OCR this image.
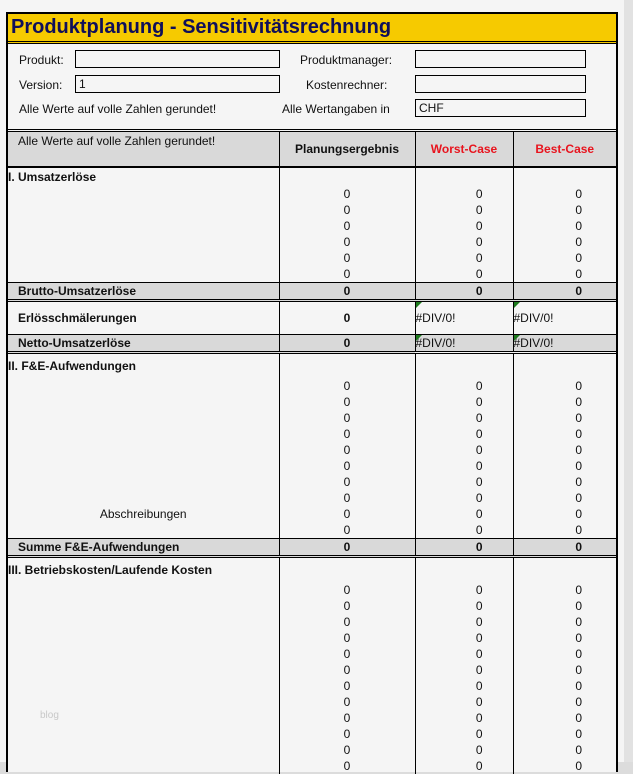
Produktplanung - Sensitivitätsrechnung
Produkt:
Version:	1
Alle Werte auf volle Zahlen gerundet!
Produktmanager:
Kostenrechner:
Alle Wertangaben in	CHF
Alle Werte auf volle Zahlen gerundet!	Planungsergebnis	Worst-Case	Best-Case
I. Umsatzerlöse			
	0	0	0
	0	0	0
	0	0	0
	0	0	0
	0	0	0
	0	0	0
Brutto-Umsatzerlöse	0	0	0

Erlösschmälerungen	0	#DIV/0!	#DIV/0!
Netto-Umsatzerlöse	0	#DIV/0!	#DIV/0!

II. F&E-Aufwendungen			
	0	0	0
	0	0	0
	0	0	0
	0	0	0
	0	0	0
	0	0	0
	0	0	0
	0	0	0
Abschreibungen	0	0	0
	0	0	0
Summe F&E-Aufwendungen	0	0	0

III. Betriebskosten/Laufende Kosten			
	0	0	0
	0	0	0
	0	0	0
	0	0	0
	0	0	0
	0	0	0
	0	0	0
	0	0	0
	0	0	0
	0	0	0
	0	0	0
	0	0	0
blog
